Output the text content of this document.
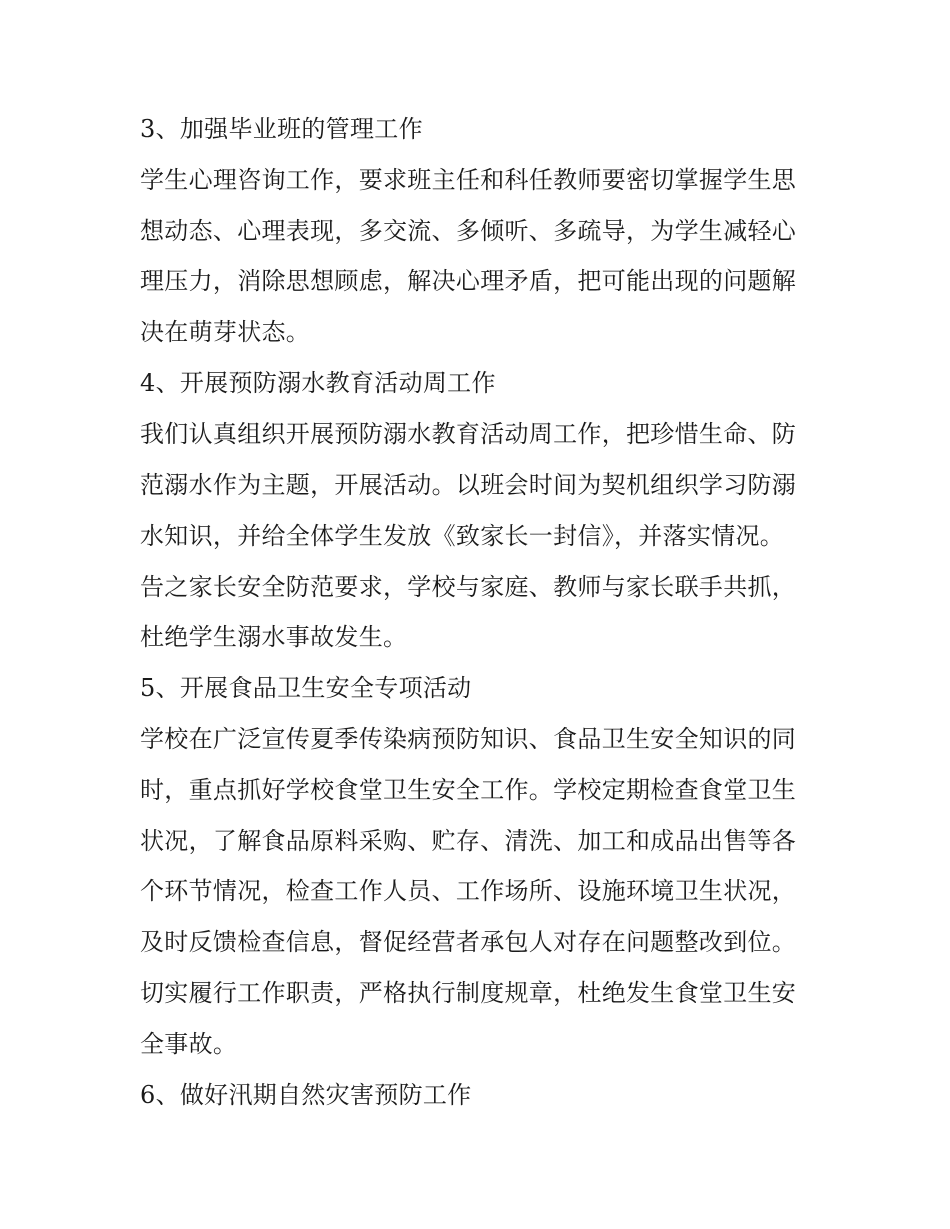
3、加强毕业班的管理工作
学生心理咨询工作，要求班主任和科任教师要密切掌握学生思
想动态、心理表现，多交流、多倾听、多疏导，为学生减轻心
理压力，消除思想顾虑，解决心理矛盾，把可能出现的问题解
决在萌芽状态。
4、开展预防溺水教育活动周工作
我们认真组织开展预防溺水教育活动周工作，把珍惜生命、防
范溺水作为主题，开展活动。以班会时间为契机组织学习防溺
水知识，并给全体学生发放《致家长一封信》，并落实情况。
告之家长安全防范要求，学校与家庭、教师与家长联手共抓，
杜绝学生溺水事故发生。
5、开展食品卫生安全专项活动
学校在广泛宣传夏季传染病预防知识、食品卫生安全知识的同
时，重点抓好学校食堂卫生安全工作。学校定期检查食堂卫生
状况，了解食品原料采购、贮存、清洗、加工和成品出售等各
个环节情况，检查工作人员、工作场所、设施环境卫生状况，
及时反馈检查信息，督促经营者承包人对存在问题整改到位。
切实履行工作职责，严格执行制度规章，杜绝发生食堂卫生安
全事故。
6、做好汛期自然灾害预防工作
